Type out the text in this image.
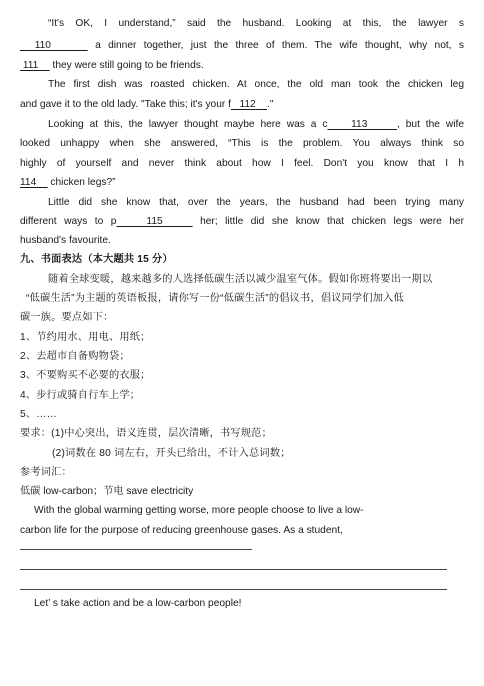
“It's OK, I understand,” said the husband. Looking at this, the lawyer s
110	a dinner together, just the three of them. The wife thought, why not, s
111     they were still going to be friends.
The first dish was roasted chicken. At once, the old man took the chicken leg
and gave it to the old lady. "Take this; it's your f 112 ."
Looking at this, the lawyer thought maybe here was a c 113	, but the wife
looked unhappy when she answered, “This is the problem. You always think so
highly of yourself and never think about how I feel. Don't you know that I h
114     chicken legs?”
Little did she know that, over the years, the husband had been trying many
different ways to p	115	her; little did she know that chicken legs were her
husband's favourite.
九、书面表达（本大题共 15 分）
随着全球变暖，越来越多的人选择低碳生活以减少温室气体。假如你班将要出一期以
“低碳生活”为主题的英语板报，请你写一份“低碳生活”的倡议书，倡议同学们加入低
碳一族。要点如下：
1、节约用水、用电、用纸；
2、去超市自备购物袋；
3、不要购买不必要的衣服；
4、步行或骑自行车上学；
5、……
要求：(1)中心突出，语义连贯，层次清晰，书写规范；
(2)词数在 80 词左右，开头已给出，不计入总词数；
参考词汇：
低碳 low-carbon；节电 save electricity
With the global warming getting worse, more people choose to live a low-
carbon life for the purpose of reducing greenhouse gases. As a student,
Let’ s take action and be a low-carbon people!
